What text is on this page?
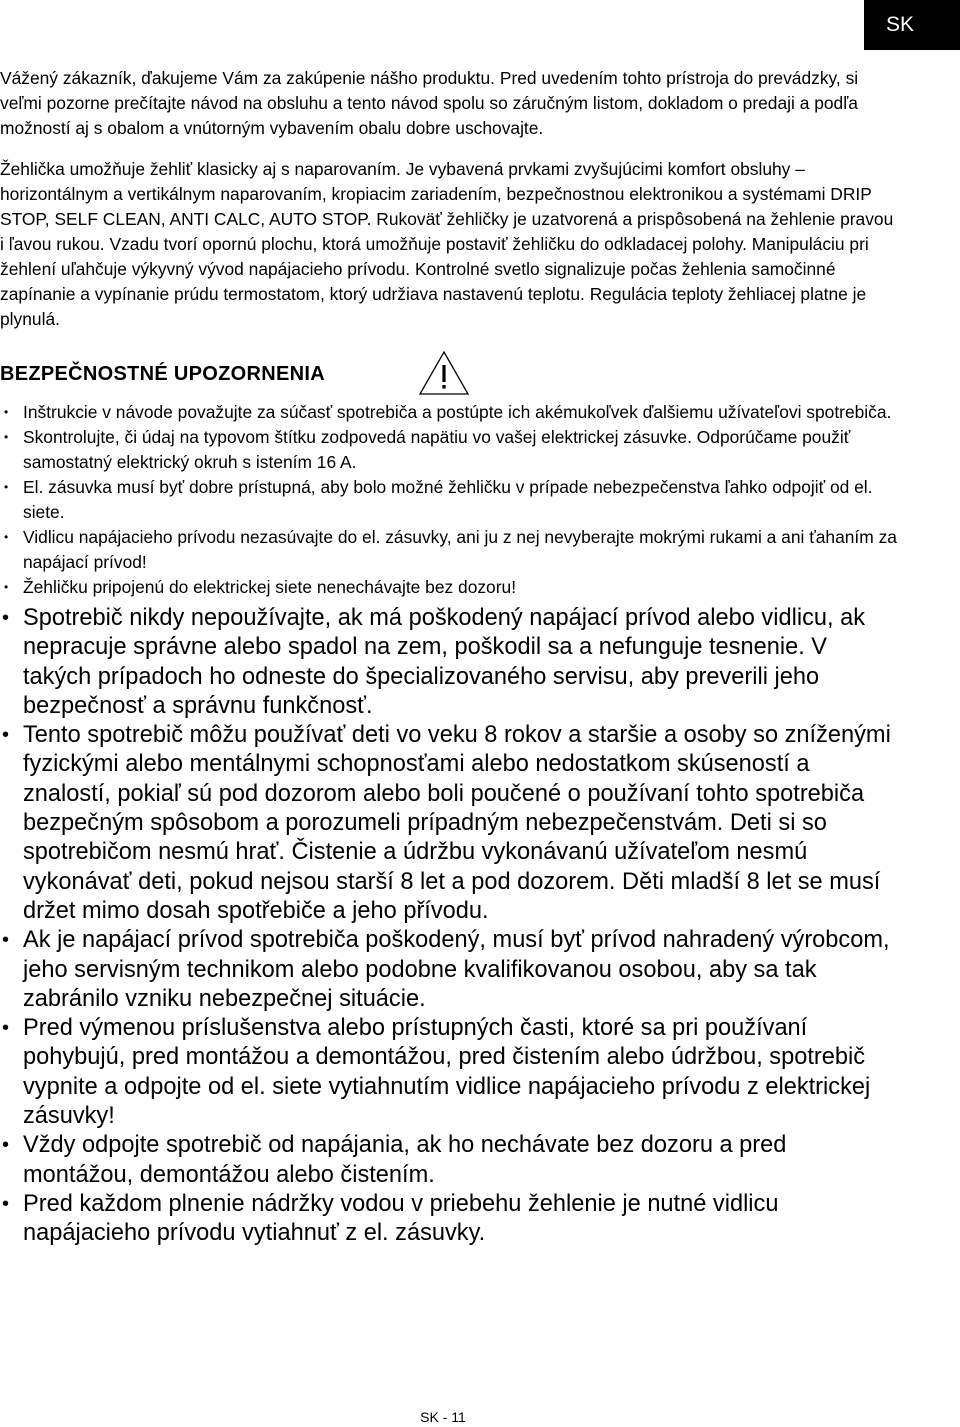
SK

Vážený zákazník, ďakujeme Vám za zakúpenie nášho produktu. Pred uvedením tohto prístroja do prevádzky, si veľmi pozorne prečítajte návod na obsluhu a tento návod spolu so záručným listom, dokladom o predaji a podľa možností aj s obalom a vnútorným vybavením obalu dobre uschovajte.

Žehlička umožňuje žehliť klasicky aj s naparovaním. Je vybavená prvkami zvyšujúcimi komfort obsluhy – horizontálnym a vertikálnym naparovaním, kropiacim zariadením, bezpečnostnou elektronikou a systémami DRIP STOP, SELF CLEAN, ANTI CALC, AUTO STOP. Rukoväť žehličky je uzatvorená a prispôsobená na žehlenie pravou i ľavou rukou. Vzadu tvorí opornú plochu, ktorá umožňuje postaviť žehličku do odkladacej polohy. Manipuláciu pri žehlení uľahčuje výkyvný vývod napájacieho prívodu. Kontrolné svetlo signalizuje počas žehlenia samočinné zapínanie a vypínanie prúdu termostatom, ktorý udržiava nastavenú teplotu. Regulácia teploty žehliacej platne je plynulá.

BEZPEČNOSTNÉ UPOZORNENIA
• Inštrukcie v návode považujte za súčasť spotrebiča a postúpte ich akémukoľvek ďalšiemu užívateľovi spotrebiča.
• Skontrolujte, či údaj na typovom štítku zodpovedá napätiu vo vašej elektrickej zásuvke. Odporúčame použiť samostatný elektrický okruh s istením 16 A.
• El. zásuvka musí byť dobre prístupná, aby bolo možné žehličku v prípade nebezpečenstva ľahko odpojiť od el. siete.
• Vidlicu napájacieho prívodu nezasúvajte do el. zásuvky, ani ju z nej nevyberajte mokrými rukami a ani ťahaním za napájací prívod!
• Žehličku pripojenú do elektrickej siete nenechávajte bez dozoru!
• Spotrebič nikdy nepoužívajte, ak má poškodený napájací prívod alebo vidlicu, ak nepracuje správne alebo spadol na zem, poškodil sa a nefunguje tesnenie. V takých prípadoch ho odneste do špecializovaného servisu, aby preverili jeho bezpečnosť a správnu funkčnosť.
• Tento spotrebič môžu používať deti vo veku 8 rokov a staršie a osoby so zníženými fyzickými alebo mentálnymi schopnosťami alebo nedostatkom skúseností a znalostí, pokiaľ sú pod dozorom alebo boli poučené o používaní tohto spotrebiča bezpečným spôsobom a porozumeli prípadným nebezpečenstvám. Deti si so spotrebičom nesmú hrať. Čistenie a údržbu vykonávanú užívateľom nesmú vykonávať deti, pokud nejsou starší 8 let a pod dozorem. Děti mladší 8 let se musí držet mimo dosah spotřebiče a jeho přívodu.
• Ak je napájací prívod spotrebiča poškodený, musí byť prívod nahradený výrobcom, jeho servisným technikom alebo podobne kvalifikovanou osobou, aby sa tak zabránilo vzniku nebezpečnej situácie.
• Pred výmenou príslušenstva alebo prístupných časti, ktoré sa pri používaní pohybujú, pred montážou a demontážou, pred čistením alebo údržbou, spotrebič vypnite a odpojte od el. siete vytiahnutím vidlice napájacieho prívodu z elektrickej zásuvky!
• Vždy odpojte spotrebič od napájania, ak ho nechávate bez dozoru a pred montážou, demontážou alebo čistením.
• Pred každom plnenie nádržky vodou v priebehu žehlenie je nutné vidlicu napájacieho prívodu vytiahnuť z el. zásuvky.
SK - 11
